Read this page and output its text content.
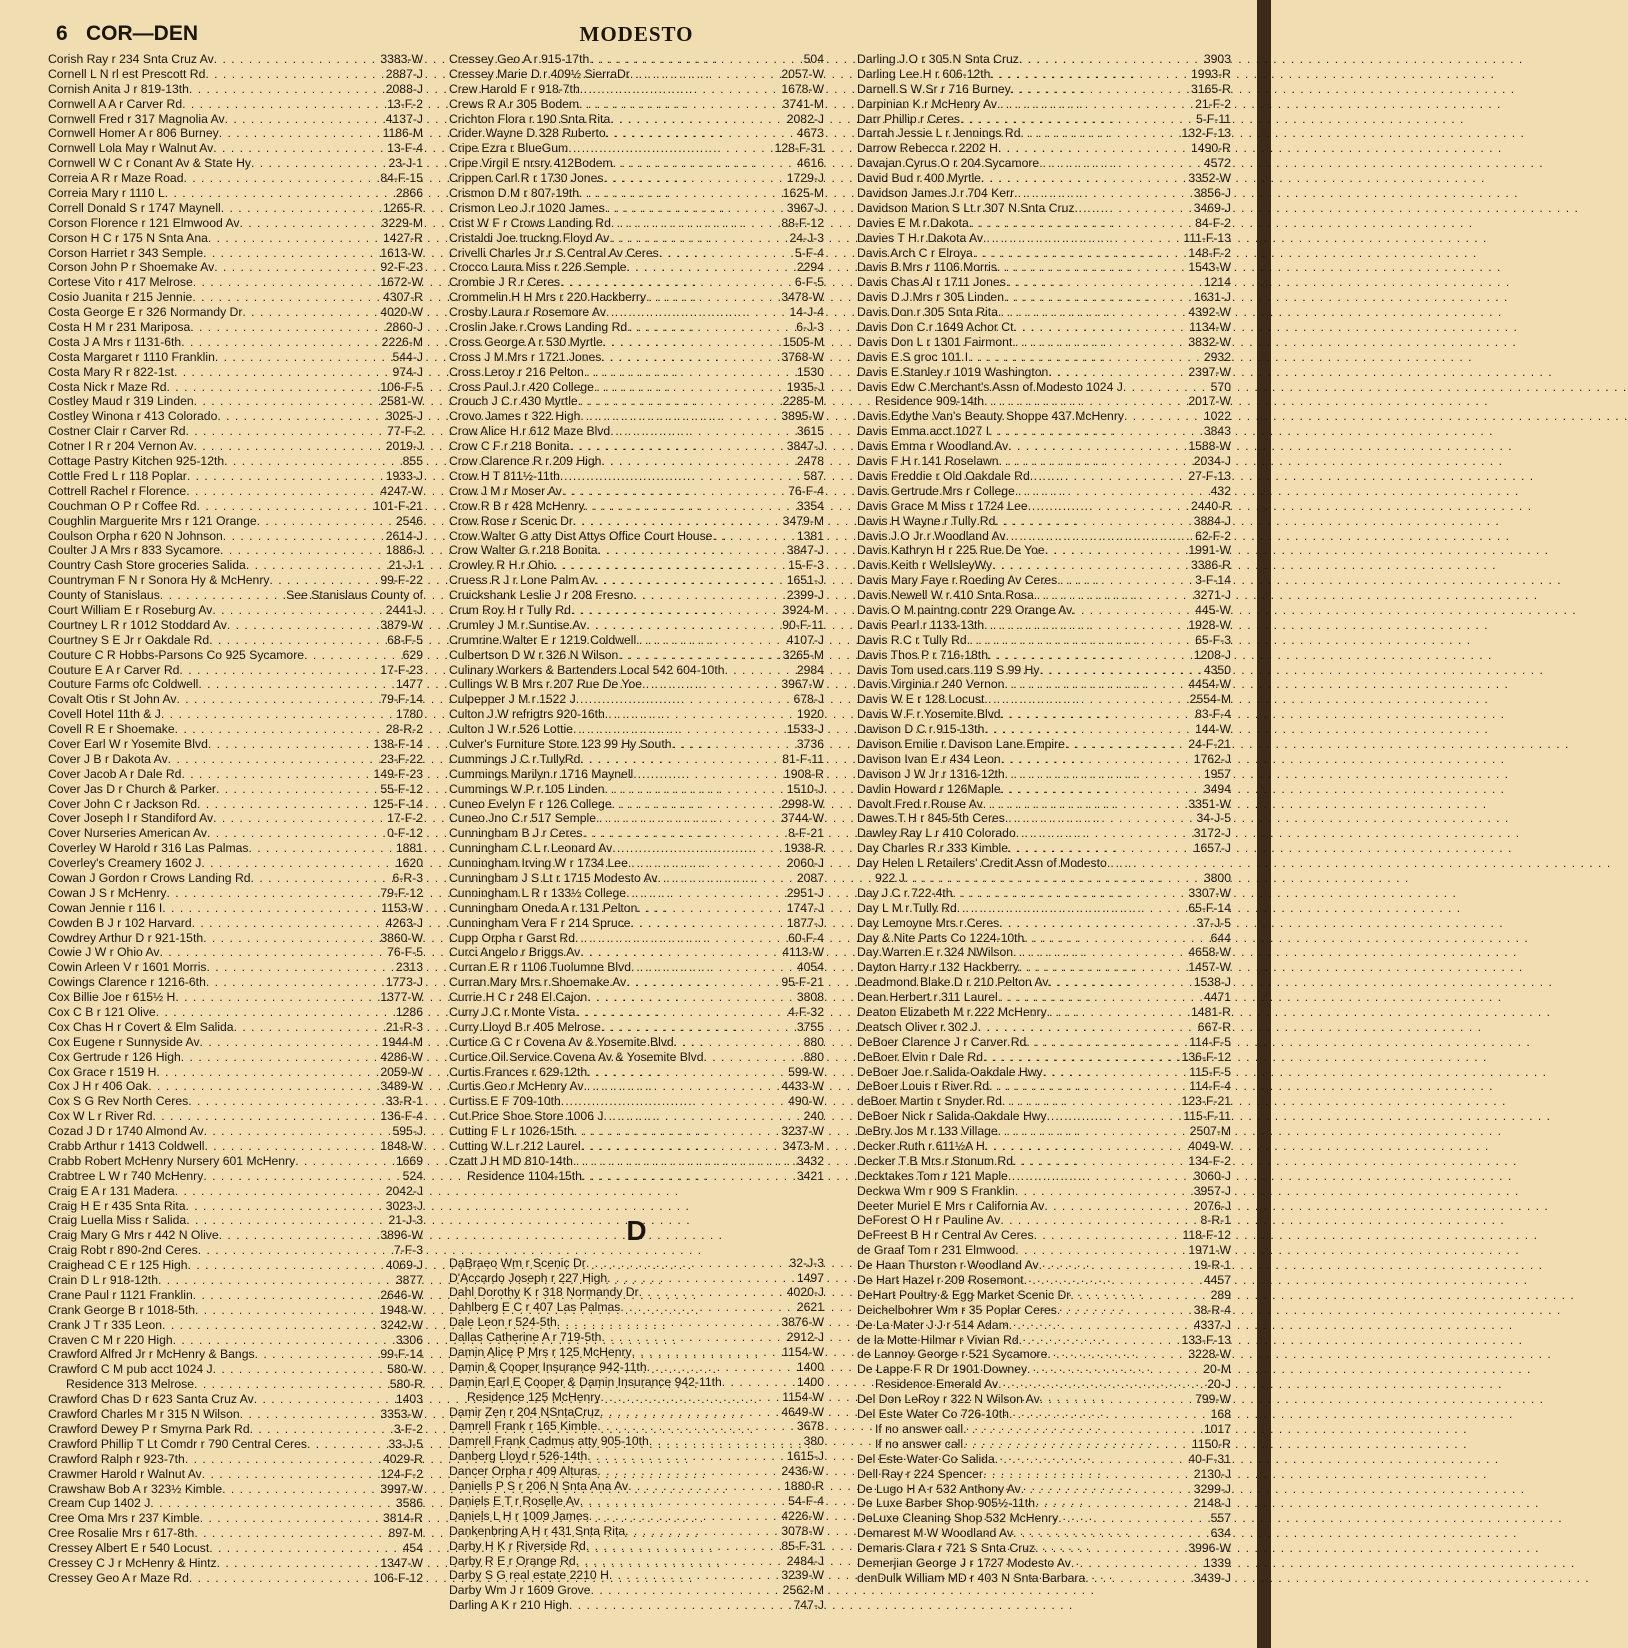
6 COR—DEN	MODESTO
Corish Ray r 234 Snta Cruz Av . . .	3383-W
Cornell L N rl est Prescott Rd . . .	2887-J
Cornish Anita J r 819-13th . . .	2088-J
Cornwell A A r Carver Rd . . .	13-F-2
Cornwell Fred r 317 Magnolia Av . . .	4137-J
Cornwell Homer A r 806 Burney . . .	1186-M
Cornwell Lola May r Walnut Av . . .	13-F-4
Cornwell W C r Conant Av & State Hy . . .	23-J-1
Correia A R r Maze Road . . .	84-F-15
Correia Mary r 1110 L . . .	2866
Correll Donald S r 1747 Maynell . . .	1265-R
Corson Florence r 121 Elmwood Av . . .	3229-M
Corson H C r 175 N Snta Ana . . .	1427-R
Corson Harriet r 343 Semple . . .	1613-W
Corson John P r Shoemake Av . . .	92-F-23
Cortese Vito r 417 Melrose . . .	1672-W
Cosio Juanita r 215 Jennie . . .	4307-R
Costa George E r 326 Normandy Dr . . .	4020-W
Costa H M r 231 Mariposa . . .	2860-J
Costa J A Mrs r 1131-6th . . .	2226-M
Costa Margaret r 1110 Franklin . . .	544-J
Costa Mary R r 822-1st . . .	974-J
Costa Nick r Maze Rd . . .	106-F-5
Costley Maud r 319 Linden . . .	2581-W
Costley Winona r 413 Colorado . . .	3025-J
Costner Clair r Carver Rd . . .	77-F-2
Cotner I R r 204 Vernon Av . . .	2019-J
Cottage Pastry Kitchen 925-12th . . .	855
Cottle Fred L r 118 Poplar . . .	1933-J
Cottrell Rachel r Florence . . .	4247-W
Couchman O P r Coffee Rd . . .	101-F-21
Coughlin Marguerite Mrs r 121 Orange . . .	2546
Coulson Orpha r 620 N Johnson . . .	2614-J
Coulter J A Mrs r 833 Sycamore . . .	1886-J
Country Cash Store groceries Salida . . .	21-J-1
Countryman F N r Sonora Hy & McHenry . . .	99-F-22
County of Stanislaus . . .	See Stanislaus County of
Court William E r Roseburg Av . . .	2441-J
Courtney L R r 1012 Stoddard Av . . .	3879-W
Courtney S E Jr r Oakdale Rd . . .	68-F-5
Couture C R Hobbs-Parsons Co 925 Sycamore . . .	629
Couture E A r Carver Rd . . .	17-F-23
Couture Farms ofc Coldwell . . .	1477
Covalt Otis r St John Av . . .	79-F-14
Covell Hotel 11th & J . . .	1780
Covell R E r Shoemake . . .	28-R-2
Cover Earl W r Yosemite Blvd . . .	138-F-14
Cover J B r Dakota Av . . .	23-F-22
Cover Jacob A r Dale Rd . . .	149-F-23
Cover Jas D r Church & Parker . . .	55-F-12
Cover John C r Jackson Rd . . .	125-F-14
Cover Joseph I r Standiford Av . . .	17-F-2
Cover Nurseries American Av . . .	0-F-12
Coverley W Harold r 316 Las Palmas . . .	1881
Coverley's Creamery 1602 J . . .	1620
Cowan J Gordon r Crows Landing Rd . . .	6-R-3
Cowan J S r McHenry . . .	79-F-12
Cowan Jennie r 116 I . . .	1153-W
Cowden B J r 102 Harvard . . .	4263-J
Cowdrey Arthur D r 921-15th . . .	3860-W
Cowie J W r Ohio Av . . .	76-F-5
Cowin Arleen V r 1601 Morris . . .	2313
Cowings Clarence r 1216-6th . . .	1773-J
Cox Billie Joe r 615½ H . . .	1377-W
Cox C B r 121 Olive . . .	1286
Cox Chas H r Covert & Elm Salida . . .	21-R-3
Cox Eugene r Sunnyside Av . . .	1944-M
Cox Gertrude r 126 High . . .	4286-W
Cox Grace r 1519 H . . .	2059-W
Cox J H r 406 Oak . . .	3489-W
Cox S G Rev North Ceres . . .	33-R-1
Cox W L r River Rd . . .	136-F-4
Cozad J D r 1740 Almond Av . . .	595-J
Crabb Arthur r 1413 Coldwell . . .	1848-W
Crabb Robert McHenry Nursery 601 McHenry . . .	1669
Crabtree L W r 740 McHenry . . .	524
Craig E A r 131 Madera . . .	2042-J
Craig H E r 435 Snta Rita . . .	3023-J
Craig Luella Miss r Salida . . .	21-J-3
Craig Mary G Mrs r 442 N Olive . . .	3896-W
Craig Robt r 890-2nd Ceres . . .	7-F-3
Craighead C E r 125 High . . .	4069-J
Crain D L r 918-12th . . .	3877
Crane Paul r 1121 Franklin . . .	2646-W
Crank George B r 1018-5th . . .	1948-W
Crank J T r 335 Leon . . .	3242-W
Craven C M r 220 High . . .	3306
Crawford Alfred Jr r McHenry & Bangs . . .	99-F-14
Crawford C M pub acct 1024 J . . .	580-W
Residence 313 Melrose . . .	580-R
Crawford Chas D r 623 Santa Cruz Av . . .	1403
Crawford Charles M r 315 N Wilson . . .	3353-W
Crawford Dewey P r Smyrna Park Rd . . .	3-F-2
Crawford Phillip T Lt Comdr r 790 Central Ceres . . .	33-J-5
Crawford Ralph r 923-7th . . .	4029-R
Crawmer Harold r Walnut Av . . .	124-F-2
Crawshaw Bob A r 323½ Kimble . . .	3997-W
Cream Cup 1402 J . . .	3586
Cree Oma Mrs r 237 Kimble . . .	3814-R
Cree Rosalie Mrs r 617-8th . . .	897-M
Cressey Albert E r 540 Locust . . .	454
Cressey C J r McHenry & Hintz . . .	1347-W
Cressey Geo A r Maze Rd . . .	106-F-12
Cressey Geo A r 915-17th . . .	504
Cressey Marie D r 409½ SierraDr . . .	2057-W
Crew Harold F r 918-7th . . .	1678-W
Crews R A r 305 Bodem . . .	3741-M
Crichton Flora r 190 Snta Rita . . .	2082-J
Crider Wayne D 328 Ruberto . . .	4673
Cripe Ezra r BlueGum . . .	128-F-31
Cripe Virgil E nrsry 412Bodem . . .	4616
Crippen Carl R r 1730 Jones . . .	1729-J
Crismon D M r 807-19th . . .	1625-M
Crismon Leo J r 1020 James . . .	3967-J
Crist W F r Crows Landing Rd . . .	88-F-12
Cristaldi Joe truckng Floyd Av . . .	24-J-3
Crivelli Charles Jr r S Central Av Ceres . . .	5-F-4
Crocco Laura Miss r 226 Semple . . .	2294
Crombie J R r Ceres . . .	6-F-5
Crommelin H H Mrs r 220 Hackberry . . .	3478-W
Crosby Laura r Rosemore Av . . .	14-J-4
Croslin Jake r Crows Landing Rd . . .	6-J-3
Cross George A r 530 Myrtle . . .	1505-M
Cross J M Mrs r 1721 Jones . . .	3768-W
Cross Leroy r 216 Pelton . . .	1530
Cross Paul J r 420 College . . .	1935-J
Crouch J C r 430 Myrtle . . .	2285-M
Crovo James r 322 High . . .	3895-W
Crow Alice H r 612 Maze Blvd . . .	3615
Crow C F r 218 Bonita . . .	3847-J
Crow Clarence R r 209 High . . .	2478
Crow H T 811½-11th . . .	587
Crow J M r Moser Av . . .	76-F-4
Crow R B r 428 McHenry . . .	3354
Crow Rose r Scenic Dr . . .	3479-M
Crow Walter G atty Dist Attys Office Court House . . .	1381
Crow Walter G r 218 Bonita . . .	3847-J
Crowley R H r Ohio . . .	15-F-3
Cruess R J r Lone Palm Av . . .	1651-J
Cruickshank Leslie J r 208 Fresno . . .	2399-J
Crum Roy H r Tully Rd . . .	3924-M
Crumley J M r Sunrise Av . . .	90-F-11
Crumrine Walter E r 1219 Coldwell . . .	4107-J
Culbertson D W r 326 N Wilson . . .	3265-M
Culinary Workers & Bartenders Local 542 604-10th . . .	2984
Cullings W B Mrs r 207 Rue De Yoe . . .	3967-W
Culpepper J M r 1522 J . . .	678-J
Culton J W refrigtrs 920-16th . . .	1920
Culton J W r 526 Lottie . . .	1533-J
Culver's Furniture Store 123 99 Hy South . . .	3736
Cummings J C r TullyRd . . .	81-F-11
Cummings Marilyn r 1716 Maynell . . .	1908-R
Cummings W P r 105 Linden . . .	1510-J
Cuneo Evelyn F r 126 College . . .	2998-W
Cuneo Jno C r 517 Semple . . .	3744-W
Cunningham B J r Ceres . . .	8-F-21
Cunningham C L r Leonard Av . . .	1938-R
Cunningham Irving W r 1734 Lee . . .	2060-J
Cunningham J S Lt r 1715 Modesto Av . . .	2087
Cunningham L R r 133½ College . . .	2951-J
Cunningham Oneda A r 131 Pelton . . .	1747-J
Cunningham Vera F r 214 Spruce . . .	1877-J
Cupp Orpha r Garst Rd . . .	60-F-4
Curci Angelo r Briggs Av . . .	4113-W
Curran E R r 1106 Tuolumne Blvd . . .	4054
Curran Mary Mrs r Shoemake Av . . .	95-F-21
Currie H C r 248 El Cajon . . .	3808
Curry J C r Monte Vista . . .	4-F-32
Curry Lloyd B r 405 Melrose . . .	3755
Curtice G C r Covena Av & Yosemite Blvd . . .	880
Curtice Oil Service Covena Av & Yosemite Blvd . . .	880
Curtis Frances r 629-12th . . .	599-W
Curtis Geo r McHenry Av . . .	4433-W
Curtiss E F 709-10th . . .	490-W
Cut Price Shoe Store 1006 J . . .	240
Cutting F L r 1026-15th . . .	3237-W
Cutting W L r 212 Laurel . . .	3473-M
Czatt J H MD 810-14th . . .	3432
Residence 1104-15th . . .	3421
D
DaBraeo Wm r Scenic Dr . . .	32-J-3
D'Accardo Joseph r 227 High . . .	1497
Dahl Dorothy K r 318 Normandy Dr . . .	4020-J
Dahlberg E C r 407 Las Palmas . . .	2621
Dale Leon r 524-5th . . .	3876-W
Dallas Catherine A r 719-5th . . .	2912-J
Damin Alice P Mrs r 125 McHenry . . .	1154-W
Damin & Cooper Insurance 942-11th . . .	1400
Damin Earl E Cooper & Damin Insurance 942-11th . . .	1400
Residence 125 McHenry . . .	1154-W
Damir Zen r 204 NSntaCruz . . .	4649-W
Damrell Frank r 165 Kimble . . .	3678
Damrell Frank Cadmus atty 905-10th . . .	380
Danberg Lloyd r 526-14th . . .	1615-J
Dancer Orpha r 409 Alturas . . .	2436-W
Daniells P S r 206 N Snta Ana Av . . .	1880-R
Daniels E T r Roselle Av . . .	54-F-4
Daniels L H r 1009 James . . .	4226-W
Dankenbring A H r 431 Snta Rita . . .	3078-W
Darby H K r Riverside Rd . . .	85-F-31
Darby R E r Orange Rd . . .	2484-J
Darby S G real estate 2210 H . . .	3239-W
Darby Wm J r 1609 Grove . . .	2562-M
Darling A K r 210 High . . .	747-J
Darling J O r 305 N Snta Cruz . . .	3903
Darling Lee H r 606-12th . . .	1993-R
Darnell S W Sr r 716 Burney . . .	3165-R
Darpinian K r McHenry Av . . .	21-F-2
Darr Phillip r Ceres . . .	5-F-11
Darrah Jessie L r Jennings Rd . . .	132-F-13
Darrow Rebecca r 2202 H . . .	1490-R
Davajan Cyrus O r 204 Sycamore . . .	4572
David Bud r 400 Myrtle . . .	3352-W
Davidson James J r 704 Kerr . . .	3856-J
Davidson Marion S Lt r 307 N Snta Cruz . . .	3469-J
Davies E M r Dakota . . .	84-F-2
Davies T H r Dakota Av . . .	111-F-13
Davis Arch C r Elroya . . .	148-F-2
Davis B Mrs r 1106 Morris . . .	1543-W
Davis Chas Al r 1711 Jones . . .	1214
Davis D J Mrs r 305 Linden . . .	1631-J
Davis Don r 305 Snta Rita . . .	4392-W
Davis Don C r 1649 Achor Ct . . .	1134-W
Davis Don L r 1301 Fairmont . . .	3832-W
Davis E S groc 101 I . . .	2932
Davis E Stanley r 1019 Washington . . .	2397-W
Davis Edw C Merchant's Assn of Modesto 1024 J . . .	570
Residence 909-14th . . .	2017-W
Davis Edythe Van's Beauty Shoppe 437 McHenry . . .	1022
Davis Emma acct 1027 I . . .	3843
Davis Emma r Woodland Av . . .	1588-W
Davis F H r 141 Roselawn . . .	2034-J
Davis Freddie r Old Oakdale Rd . . .	27-F-13
Davis Gertrude Mrs r College . . .	432
Davis Grace M Miss r 1724 Lee . . .	2440-R
Davis H Wayne r Tully Rd . . .	3884-J
Davis J O Jr r Woodland Av . . .	62-F-2
Davis Kathryn H r 225 Rue De Yoe . . .	1991-W
Davis Keith r WellsleyWy . . .	3386-R
Davis Mary Faye r Roeding Av Ceres . . .	3-F-14
Davis Newell W r 410 Snta Rosa . . .	3271-J
Davis O M paintng contr 229 Orange Av . . .	445-W
Davis Pearl r 1133-13th . . .	1928-W
Davis R C r Tully Rd . . .	65-F-3
Davis Thos P r 716-18th . . .	1208-J
Davis Tom used cars 119 S 99 Hy . . .	4350
Davis Virginia r 240 Vernon . . .	4454-W
Davis W E r 128 Locust . . .	2554-M
Davis W F r Yosemite Blvd . . .	83-F-4
Davison D C r 915-13th . . .	144-W
Davison Emilie r Davison Lane Empire . . .	24-F-21
Davison Ivan E r 434 Leon . . .	1762-J
Davison J W Jr r 1316-12th . . .	1957
Davlin Howard r 126Maple . . .	3494
Davolt Fred r Rouse Av . . .	3351-W
Dawes T H r 845-5th Ceres . . .	34-J-5
Dawley Ray L r 410 Colorado . . .	3172-J
Day Charles R r 333 Kimble . . .	1657-J
Day Helen L Retailers' Credit Assn of Modesto
. . .
922 J . . .	3800
Day J C r 722-4th . . .	3307-W
Day L M r Tully Rd . . .	65-F-14
Day Lemoyne Mrs r Ceres . . .	37-J-5
Day & Nite Parts Co 1224-10th . . .	644
Day Warren E r 324 NWilson . . .	4658-W
Dayton Harry r 132 Hackberry . . .	1457-W
Deadmond Blake D r 210 Pelton Av . . .	1538-J
Dean Herbert r 311 Laurel . . .	4471
Deaton Elizabeth M r 222 McHenry . . .	1481-R
Deatsch Oliver r 302 J . . .	667-R
DeBoer Clarence J r Carver Rd . . .	114-F-5
DeBoer Elvin r Dale Rd . . .	136-F-12
DeBoer Joe r Salida-Oakdale Hwy . . .	115-F-5
DeBoer Louis r River Rd . . .	114-F-4
deBoer Martin r Snyder Rd . . .	123-F-21
DeBoer Nick r Salida-Oakdale Hwy . . .	115-F-11
DeBry Jos M r 133 Village . . .	2507-M
Decker Ruth r 611½A H . . .	4049-W
Decker T B Mrs r Stonum Rd . . .	134-F-2
Decktakes Tom r 121 Maple . . .	3060-J
Deckwa Wm r 909 S Franklin . . .	3957-J
Deeter Muriel E Mrs r California Av . . .	2076-J
DeForest O H r Pauline Av . . .	8-R-1
DeFreest B H r Central Av Ceres . . .	118-F-12
de Graaf Tom r 231 Elmwood . . .	1971-W
De Haan Thurston r Woodland Av . . .	19-R-1
De Hart Hazel r 209 Rosemont . . .	4457
DeHart Poultry & Egg Market Scenic Dr . . .	289
Deichelbohrer Wm r 35 Poplar Ceres . . .	38-R-4
De La Mater J J r 514 Adam . . .	4337-J
de la Motte Hilmar r Vivian Rd . . .	133-F-13
de Lannoy George r 521 Sycamore . . .	3228-W
De Lappe F R Dr 1901 Downey . . .	20-M
Residence Emerald Av . . .	20-J
Del Don LeRoy r 322 N Wilson Av . . .	799-W
Del Este Water Co 726-10th . . .	168
If no answer call . . .	1017
If no answer call . . .	1150-R
Del Este Water Co Salida . . .	40-F-31
Dell Ray r 224 Spencer . . .	2130-J
De Lugo H A r 532 Anthony Av . . .	3299-J
De Luxe Barber Shop 905½-11th . . .	2148-J
DeLuxe Cleaning Shop 532 McHenry . . .	557
Demarest M W Woodland Av . . .	634
Demaris Clara r 721 S Snta Cruz . . .	3996-W
Demerjian George J r 1727 Modesto Av . . .	1339
denDulk William MD r 403 N Snta Barbara . . .	3439-J
